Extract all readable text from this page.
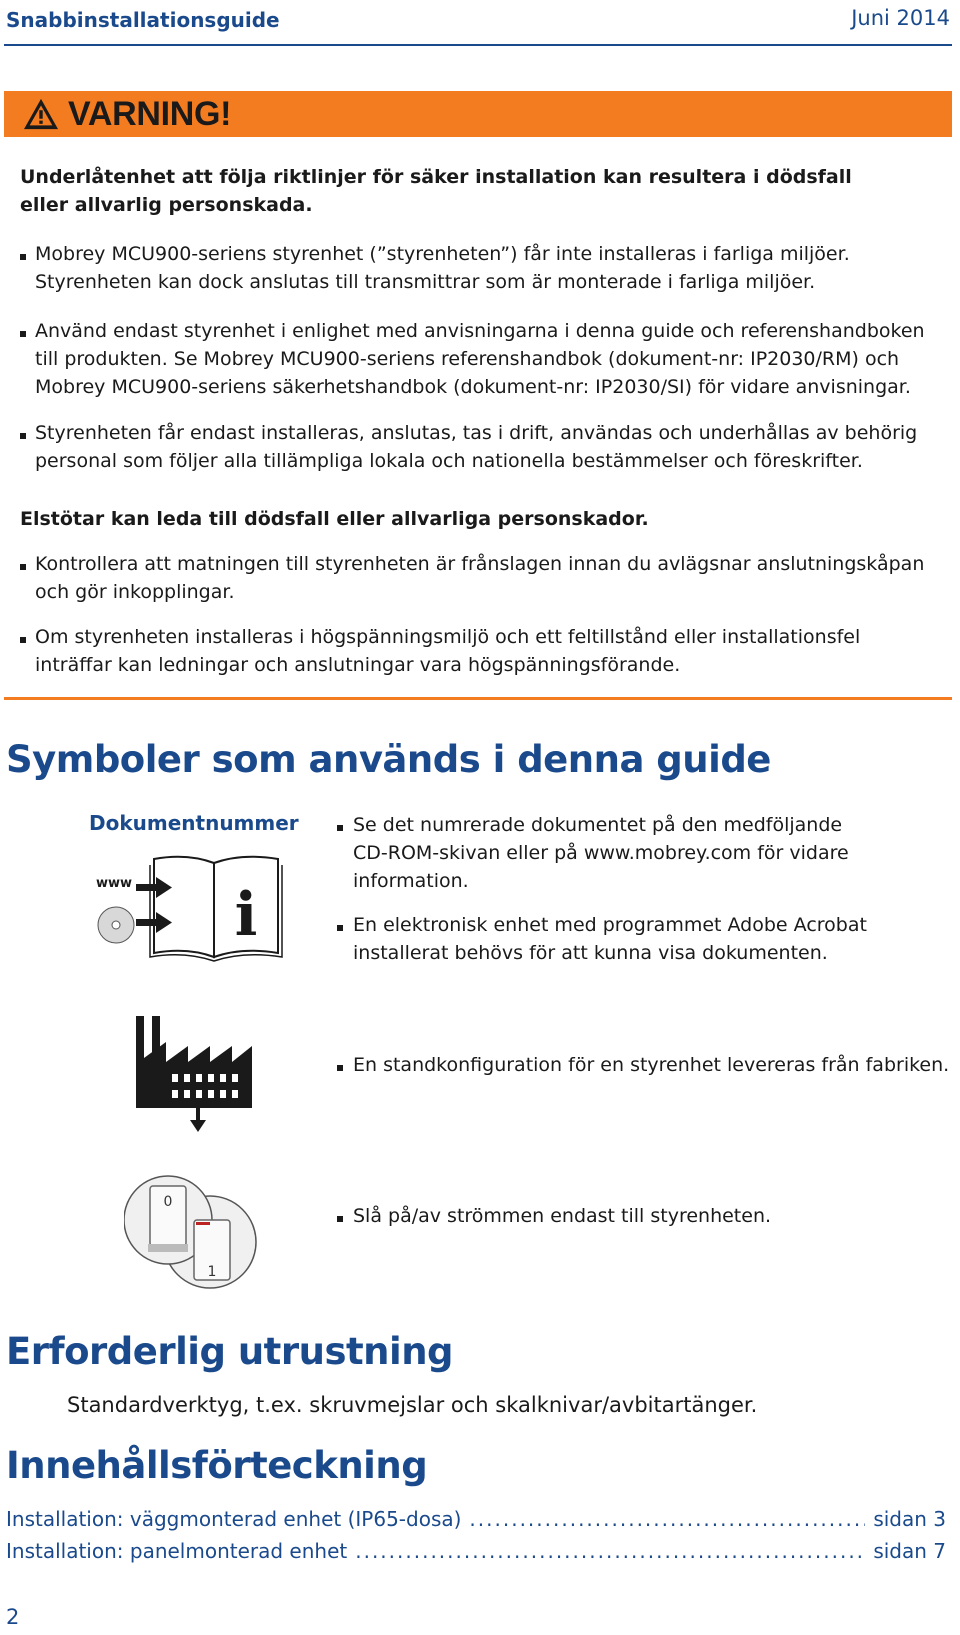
Snabbinstallationsguide	Juni 2014
VARNING!
Underlåtenhet att följa riktlinjer för säker installation kan resultera i dödsfall eller allvarlig personskada.
Mobrey MCU900-seriens styrenhet (”styrenheten”) får inte installeras i farliga miljöer. Styrenheten kan dock anslutas till transmittrar som är monterade i farliga miljöer.
Använd endast styrenhet i enlighet med anvisningarna i denna guide och referenshandboken till produkten. Se Mobrey MCU900-seriens referenshandbok (dokument-nr: IP2030/RM) och Mobrey MCU900-seriens säkerhetshandbok (dokument-nr: IP2030/SI) för vidare anvisningar.
Styrenheten får endast installeras, anslutas, tas i drift, användas och underhållas av behörig personal som följer alla tillämpliga lokala och nationella bestämmelser och föreskrifter.
Elstötar kan leda till dödsfall eller allvarliga personskador.
Kontrollera att matningen till styrenheten är frånslagen innan du avlägsnar anslutningskåpan och gör inkopplingar.
Om styrenheten installeras i högspänningsmiljö och ett feltillstånd eller installationsfel inträffar kan ledningar och anslutningar vara högspänningsförande.
Symboler som används i denna guide
Dokumentnummer
www i
Se det numrerade dokumentet på den medföljande CD-ROM-skivan eller på www.mobrey.com för vidare information.
En elektronisk enhet med programmet Adobe Acrobat installerat behövs för att kunna visa dokumenten.
En standkonfiguration för en styrenhet levereras från fabriken.
0
1
Slå på/av strömmen endast till styrenheten.
Erforderlig utrustning
Standardverktyg, t.ex. skruvmejslar och skalknivar/avbitartänger.
Innehållsförteckning
Installation: väggmonterad enhet (IP65-dosa) .....	sidan 3
Installation: panelmonterad enhet .....	sidan 7
2
